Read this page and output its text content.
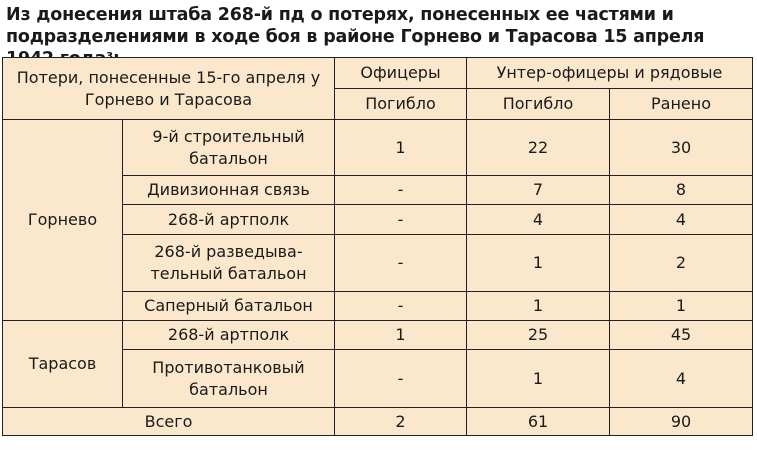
Из донесения штаба 268-й пд о потерях, понесенных ее частями и подразделениями в ходе боя в районе Горнево и Тарасова 15 апреля
Потери, понесенные 15-го апреля у Горнево и Тарасова		Офицеры	Унтер-офицеры и рядовые	
		Погибло	Погибло	Ранено
Горнево	9-й строительный батальон	1	22	30
	Дивизионная связь	-	7	8
	268-й артполк	-	4	4
	268-й разведыва-тельный батальон	-	1	2
	Саперный батальон	-	1	1
Тарасов	268-й артполк	1	25	45
	Противотанковый батальон	-	1	4
Всего		2	61	90
